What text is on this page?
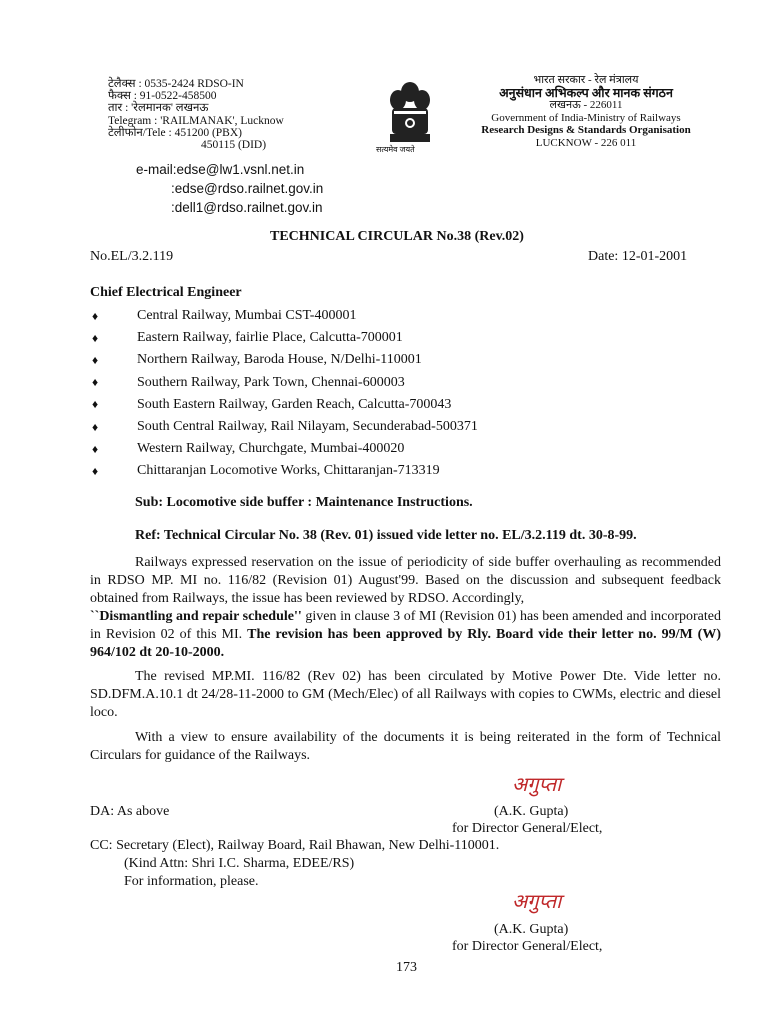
टेलैक्स : 0535-2424 RDSO-IN
फैक्स : 91-0522-458500
तार : 'रेलमानक' लखनऊ
Telegram : 'RAILMANAK', Lucknow
टेलीफोन/Tele : 451200 (PBX)
450115 (DID)
e-mail:edse@lw1.vsnl.net.in
:edse@rdso.railnet.gov.in
:dell1@rdso.railnet.gov.in
सत्यमेव जयते
भारत सरकार - रेल मंत्रालय
अनुसंधान अभिकल्प और मानक संगठन
लखनऊ - 226011
Government of India-Ministry of Railways
Research Designs & Standards Organisation
LUCKNOW - 226 011
TECHNICAL CIRCULAR No.38 (Rev.02)
No.EL/3.2.119	Date: 12-01-2001
Chief Electrical Engineer
♦	Central Railway, Mumbai CST-400001
♦	Eastern Railway, fairlie Place, Calcutta-700001
♦	Northern Railway, Baroda House, N/Delhi-110001
♦	Southern Railway, Park Town, Chennai-600003
♦	South Eastern Railway, Garden Reach, Calcutta-700043
♦	South Central Railway, Rail Nilayam, Secunderabad-500371
♦	Western Railway, Churchgate, Mumbai-400020
♦	Chittaranjan Locomotive Works, Chittaranjan-713319
Sub: Locomotive side buffer : Maintenance Instructions.
Ref: Technical Circular No. 38 (Rev. 01) issued vide letter no. EL/3.2.119 dt. 30-8-99.
Railways expressed reservation on the issue of periodicity of side buffer overhauling as recommended in RDSO MP. MI no. 116/82 (Revision 01) August'99. Based on the discussion and subsequent feedback obtained from Railways, the issue has been reviewed by RDSO. Accordingly,
``Dismantling and repair schedule'' given in clause 3 of MI (Revision 01) has been amended and incorporated in Revision 02 of this MI. The revision has been approved by Rly. Board vide their letter no. 99/M (W) 964/102 dt 20-10-2000.
The revised MP.MI. 116/82 (Rev 02) has been circulated by Motive Power Dte. Vide letter no. SD.DFM.A.10.1 dt 24/28-11-2000 to GM (Mech/Elec) of all Railways with copies to CWMs, electric and diesel loco.
With a view to ensure availability of the documents it is being reiterated in the form of Technical Circulars for guidance of the Railways.
अगुप्ता
DA: As above	(A.K. Gupta)
for Director General/Elect,
CC: Secretary (Elect), Railway Board, Rail Bhawan, New Delhi-110001.
(Kind Attn: Shri I.C. Sharma, EDEE/RS)
For information, please.
अगुप्ता
(A.K. Gupta)
for Director General/Elect,
173
